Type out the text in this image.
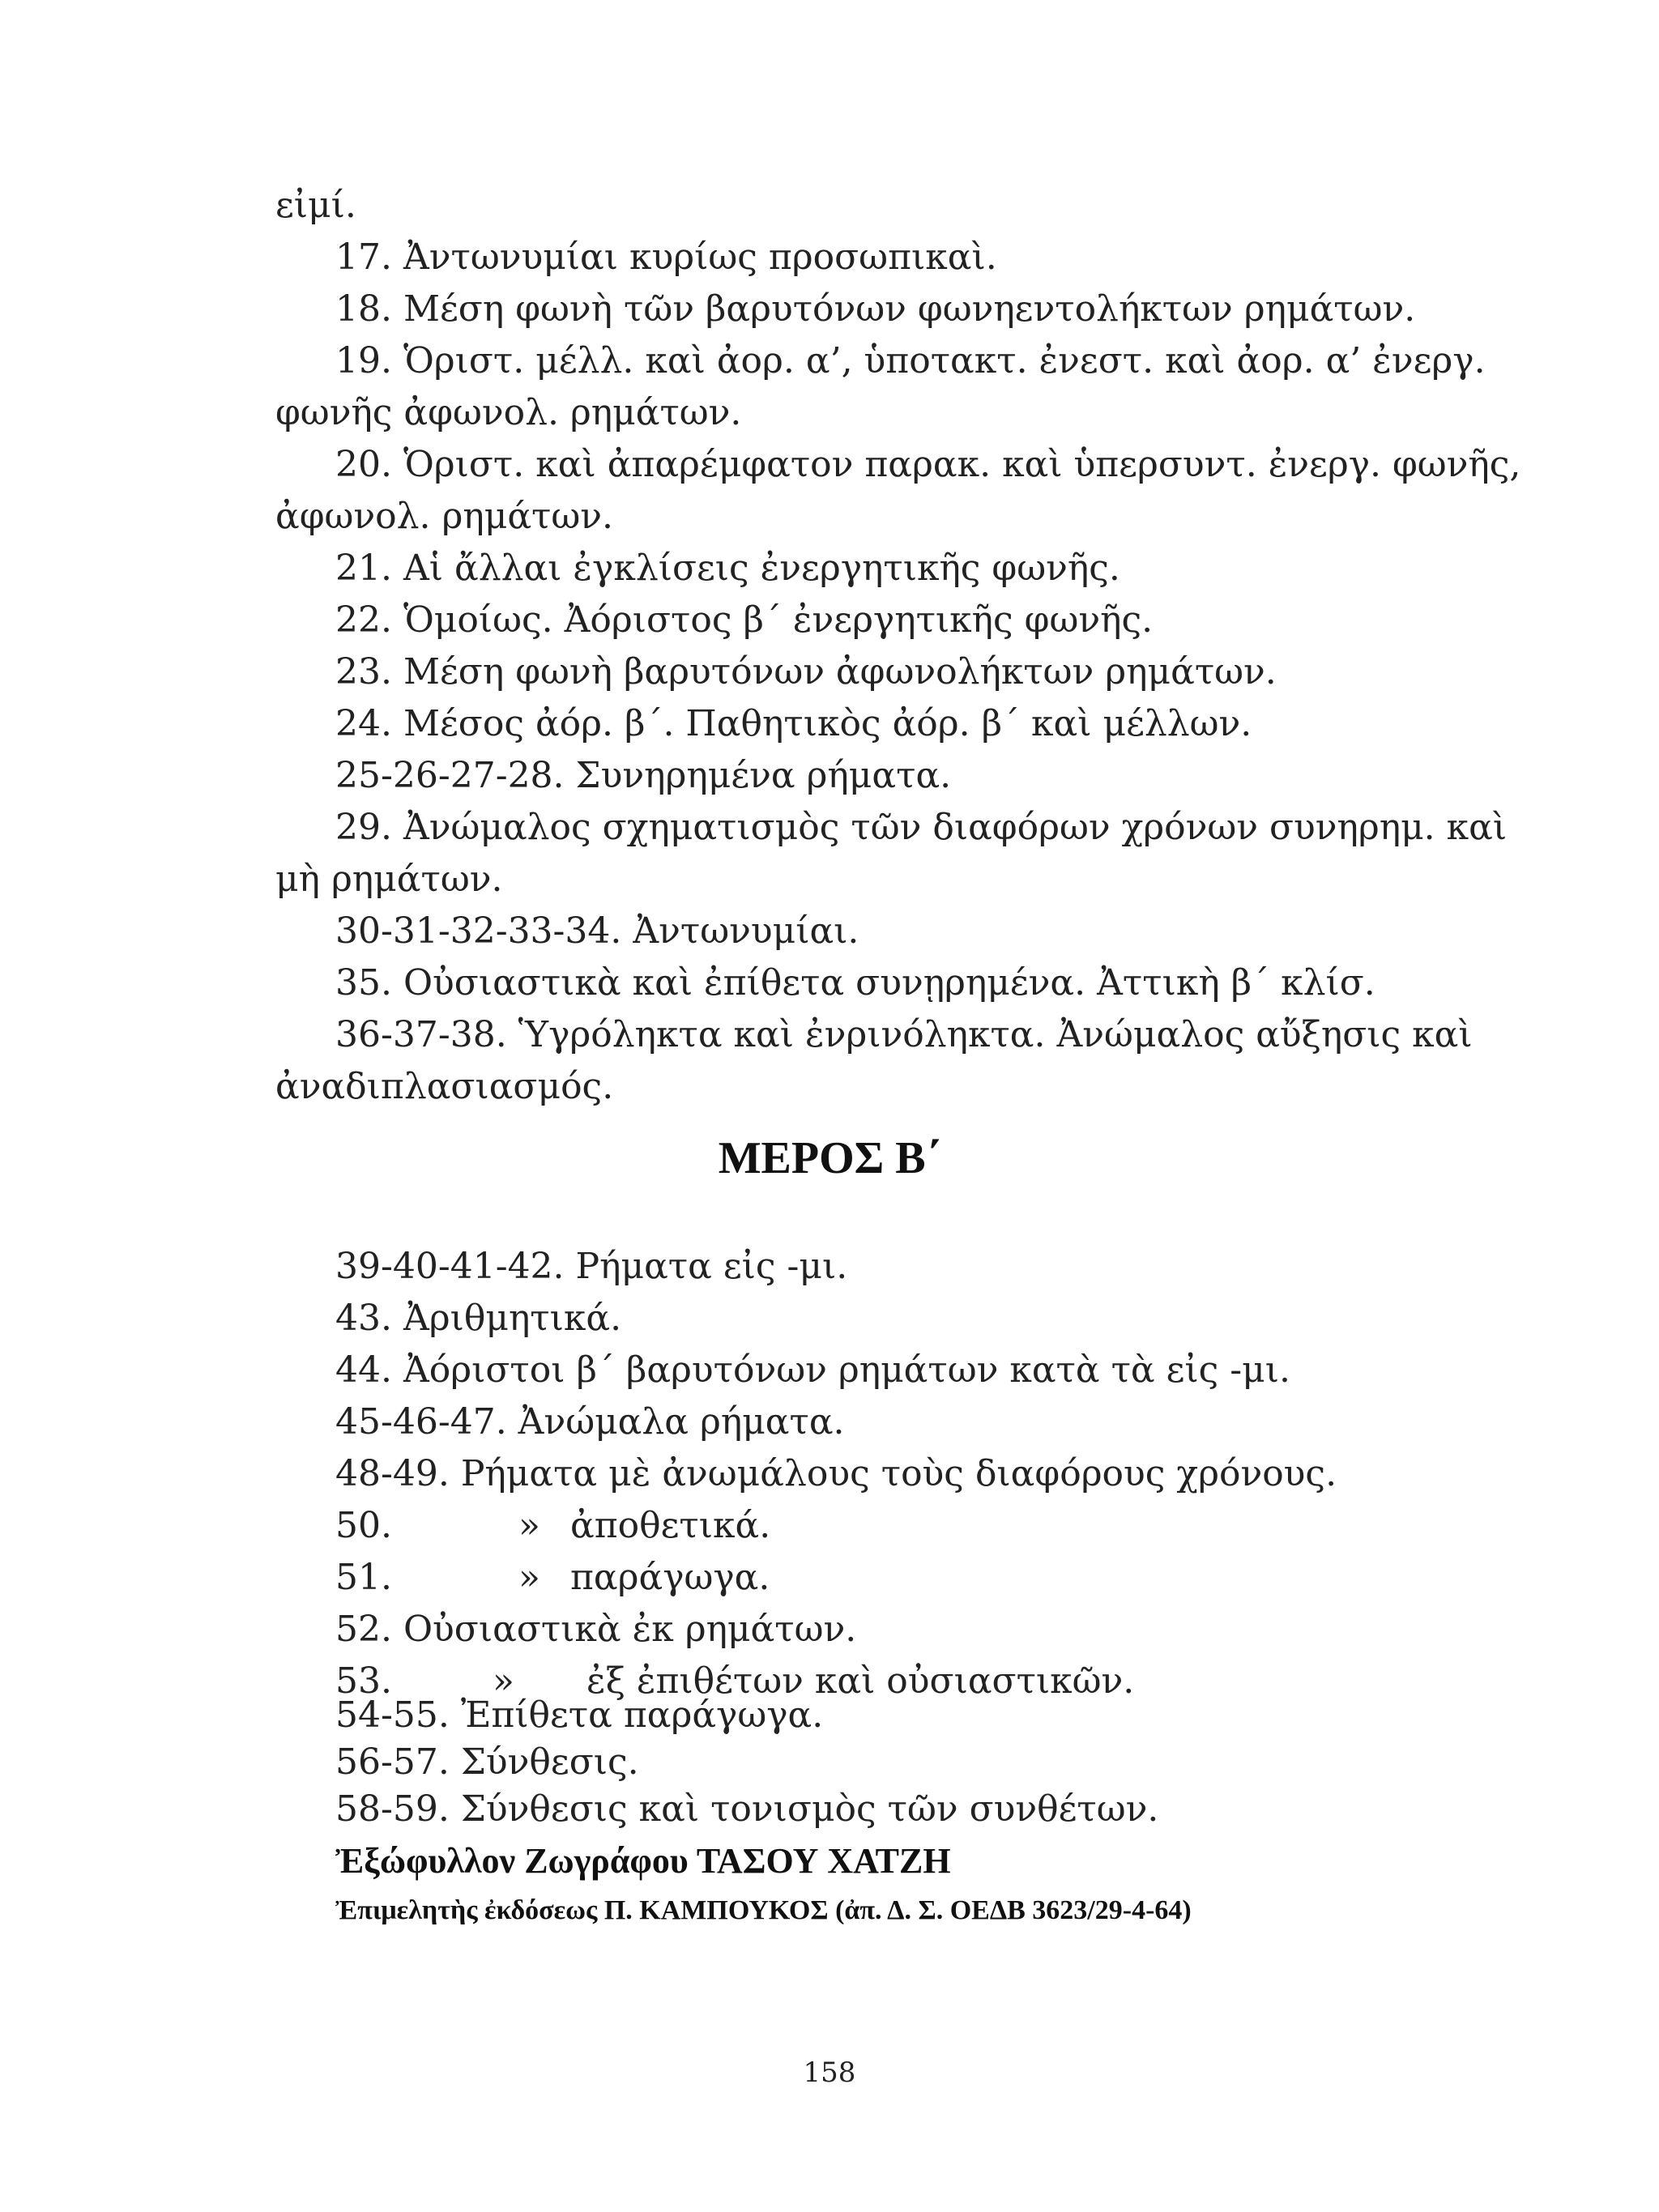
εἰμί.
17. Ἀντωνυμίαι κυρίως προσωπικαὶ.
18. Μέση φωνὴ τῶν βαρυτόνων φωνηεντολήκτων ρημάτων.
19. Ὁριστ. μέλλ. καὶ ἀορ. α’, ὑποτακτ. ἐνεστ. καὶ ἀορ. α’ ἐνεργ.
φωνῆς ἀφωνολ. ρημάτων.
20. Ὁριστ. καὶ ἀπαρέμφατον παρακ. καὶ ὑπερσυντ. ἐνεργ. φωνῆς,
ἀφωνολ. ρημάτων.
21. Αἱ ἄλλαι ἐγκλίσεις ἐνεργητικῆς φωνῆς.
22. Ὁμοίως. Ἀόριστος β΄ ἐνεργητικῆς φωνῆς.
23. Μέση φωνὴ βαρυτόνων ἀφωνολήκτων ρημάτων.
24. Μέσος ἀόρ. β΄. Παθητικὸς ἀόρ. β΄ καὶ μέλλων.
25-26-27-28. Συνηρημένα ρήματα.
29. Ἀνώμαλος σχηματισμὸς τῶν διαφόρων χρόνων συνηρημ. καὶ
μὴ ρημάτων.
30-31-32-33-34. Ἀντωνυμίαι.
35. Οὐσιαστικὰ καὶ ἐπίθετα συνῃρημένα. Ἀττικὴ β΄ κλίσ.
36-37-38. Ὑγρόληκτα καὶ ἐνρινόληκτα. Ἀνώμαλος αὔξησις καὶ
ἀναδιπλασιασμός.
ΜΕΡΟΣ Β΄
39-40-41-42. Ρήματα εἰς -μι.
43. Ἀριθμητικά.
44. Ἀόριστοι β΄ βαρυτόνων ρημάτων κατὰ τὰ εἰς -μι.
45-46-47. Ἀνώμαλα ρήματα.
48-49. Ρήματα μὲ ἀνωμάλους τοὺς διαφόρους χρόνους.
50.	» ἀποθετικά.
51.	» παράγωγα.
52. Οὐσιαστικὰ ἐκ ρημάτων.
53.	» ἐξ ἐπιθέτων καὶ οὐσιαστικῶν.
54-55. Ἐπίθετα παράγωγα.
56-57. Σύνθεσις.
58-59. Σύνθεσις καὶ τονισμὸς τῶν συνθέτων.
Ἐξώφυλλον Ζωγράφου ΤΑΣΟΥ ΧΑΤΖΗ
Ἐπιμελητὴς ἐκδόσεως Π. ΚΑΜΠΟΥΚΟΣ (ἀπ. Δ. Σ. ΟΕΔΒ 3623/29-4-64)
158
